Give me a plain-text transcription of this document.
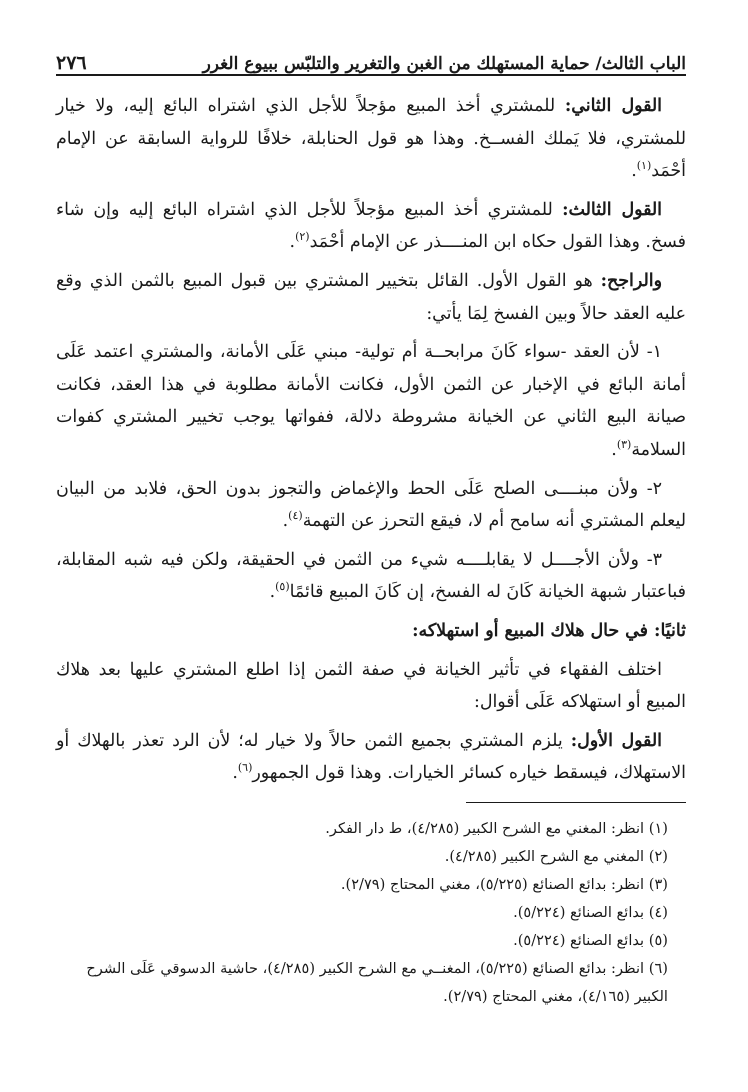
الباب الثالث/ حماية المستهلك من الغبن والتغرير والتلبّس ببيوع الغرر
٢٧٦

القول الثاني: للمشتري أخذ المبيع مؤجلاً للأجل الذي اشتراه البائع إليه، ولا خيار للمشتري، فلا يَملك الفســخ. وهذا هو قول الحنابلة، خلافًا للرواية السابقة عن الإمام أحْمَد$^{(١)}$.

القول الثالث: للمشتري أخذ المبيع مؤجلاً للأجل الذي اشتراه البائع إليه وإن شاء فسخ. وهذا القول حكاه ابن المنــــذر عن الإمام أحْمَد$^{(٢)}$.

والراجح: هو القول الأول. القائل بتخيير المشتري بين قبول المبيع بالثمن الذي وقع عليه العقد حالاً وبين الفسخ لِمَا يأتي:

١- لأن العقد -سواء كَانَ مرابحــة أم تولية- مبني عَلَى الأمانة، والمشتري اعتمد عَلَى أمانة البائع في الإخبار عن الثمن الأول، فكانت الأمانة مطلوبة في هذا العقد، فكانت صيانة البيع الثاني عن الخيانة مشروطة دلالة، ففواتها يوجب تخيير المشتري كفوات السلامة$^{(٣)}$.

٢- ولأن مبنــــى الصلح عَلَى الحط والإغماض والتجوز بدون الحق، فلابد من البيان ليعلم المشتري أنه سامح أم لا، فيقع التحرز عن التهمة$^{(٤)}$.

٣- ولأن الأجــــل لا يقابلــــه شيء من الثمن في الحقيقة، ولكن فيه شبه المقابلة، فباعتبار شبهة الخيانة كَانَ له الفسخ، إن كَانَ المبيع قائمًا$^{(٥)}$.

ثانيًا: في حال هلاك المبيع أو استهلاكه:

اختلف الفقهاء في تأثير الخيانة في صفة الثمن إذا اطلع المشتري عليها بعد هلاك المبيع أو استهلاكه عَلَى أقوال:

القول الأول: يلزم المشتري بجميع الثمن حالاً ولا خيار له؛ لأن الرد تعذر بالهلاك أو الاستهلاك، فيسقط خياره كسائر الخيارات. وهذا قول الجمهور$^{(٦)}$.

(١) انظر: المغني مع الشرح الكبير (٤/٢٨٥)، ط دار الفكر.

(٢) المغني مع الشرح الكبير (٤/٢٨٥).

(٣) انظر: بدائع الصنائع (٥/٢٢٥)، مغني المحتاج (٢/٧٩).

(٤) بدائع الصنائع (٥/٢٢٤).

(٥) بدائع الصنائع (٥/٢٢٤).

(٦) انظر: بدائع الصنائع (٥/٢٢٥)، المغنــي مع الشرح الكبير (٤/٢٨٥)، حاشية الدسوقي عَلَى الشرح الكبير (٤/١٦٥)، مغني المحتاج (٢/٧٩).
